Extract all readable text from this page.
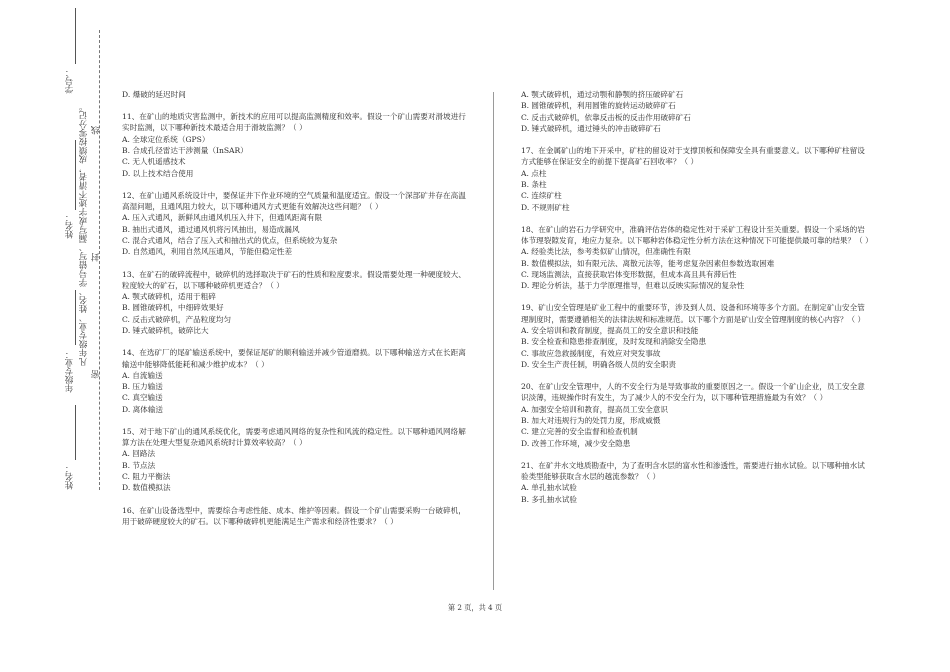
线
封
密
凡年级专业、姓名、学号错写、漏写或字迹不清者，成绩按零分记。
学号：
姓名：
年级专业：
姓名：
D. 爆破的延迟时间
11、在矿山的地质灾害监测中，新技术的应用可以提高监测精度和效率。假设一个矿山需要对滑坡进行实时监测，以下哪种新技术最适合用于滑坡监测？（ ）
A. 全球定位系统（GPS）
B. 合成孔径雷达干涉测量（InSAR）
C. 无人机遥感技术
D. 以上技术结合使用
12、在矿山通风系统设计中，要保证井下作业环境的空气质量和温度适宜。假设一个深部矿井存在高温高湿问题，且通风阻力较大，以下哪种通风方式更能有效解决这些问题？（ ）
A. 压入式通风，新鲜风由通风机压入井下，但通风距离有限
B. 抽出式通风，通过通风机将污风抽出，易造成漏风
C. 混合式通风，结合了压入式和抽出式的优点，但系统较为复杂
D. 自然通风，利用自然风压通风，节能但稳定性差
13、在矿石的破碎流程中，破碎机的选择取决于矿石的性质和粒度要求。假设需要处理一种硬度较大、粒度较大的矿石，以下哪种破碎机更适合？（ ）
A. 颚式破碎机，适用于粗碎
B. 圆锥破碎机，中细碎效果好
C. 反击式破碎机，产品粒度均匀
D. 锤式破碎机，破碎比大
14、在选矿厂的尾矿输送系统中，要保证尾矿的顺利输送并减少管道磨损。以下哪种输送方式在长距离输送中能够降低能耗和减少维护成本？（ ）
A. 自流输送
B. 压力输送
C. 真空输送
D. 离体输送
15、对于地下矿山的通风系统优化，需要考虑通风网络的复杂性和风流的稳定性。以下哪种通风网络解算方法在处理大型复杂通风系统时计算效率较高？（ ）
A. 回路法
B. 节点法
C. 阻力平衡法
D. 数值模拟法
16、在矿山设备选型中，需要综合考虑性能、成本、维护等因素。假设一个矿山需要采购一台破碎机，用于破碎硬度较大的矿石。以下哪种破碎机更能满足生产需求和经济性要求？（ ）
A. 颚式破碎机，通过动颚和静颚的挤压破碎矿石
B. 圆锥破碎机，利用圆锥的旋转运动破碎矿石
C. 反击式破碎机，依靠反击板的反击作用破碎矿石
D. 锤式破碎机，通过锤头的冲击破碎矿石
17、在金属矿山的地下开采中，矿柱的留设对于支撑顶板和保障安全具有重要意义。以下哪种矿柱留设方式能够在保证安全的前提下提高矿石回收率？（ ）
A. 点柱
B. 条柱
C. 连续矿柱
D. 不规则矿柱
18、在矿山的岩石力学研究中，准确评估岩体的稳定性对于采矿工程设计至关重要。假设一个采场的岩体节理裂隙发育，地应力复杂。以下哪种岩体稳定性分析方法在这种情况下可能提供最可靠的结果？（ ）
A. 经验类比法，参考类似矿山情况，但准确性有限
B. 数值模拟法，如有限元法、离散元法等，能考虑复杂因素但参数选取困难
C. 现场监测法，直接获取岩体变形数据，但成本高且具有滞后性
D. 理论分析法，基于力学原理推导，但难以反映实际情况的复杂性
19、矿山安全管理是矿业工程中的重要环节，涉及到人员、设备和环境等多个方面。在制定矿山安全管理制度时，需要遵循相关的法律法规和标准规范。以下哪个方面是矿山安全管理制度的核心内容？（ ）
A. 安全培训和教育制度，提高员工的安全意识和技能
B. 安全检查和隐患排查制度，及时发现和消除安全隐患
C. 事故应急救援制度，有效应对突发事故
D. 安全生产责任制，明确各级人员的安全职责
20、在矿山安全管理中，人的不安全行为是导致事故的重要原因之一。假设一个矿山企业，员工安全意识淡薄，违规操作时有发生，为了减少人的不安全行为，以下哪种管理措施最为有效？（ ）
A. 加强安全培训和教育，提高员工安全意识
B. 加大对违规行为的处罚力度，形成威慑
C. 建立完善的安全监督和检查机制
D. 改善工作环境，减少安全隐患
21、在矿井水文地质勘查中，为了查明含水层的富水性和渗透性，需要进行抽水试验。以下哪种抽水试验类型能够获取含水层的越流参数？（ ）
A. 单孔抽水试验
B. 多孔抽水试验
第 2 页，共 4 页
